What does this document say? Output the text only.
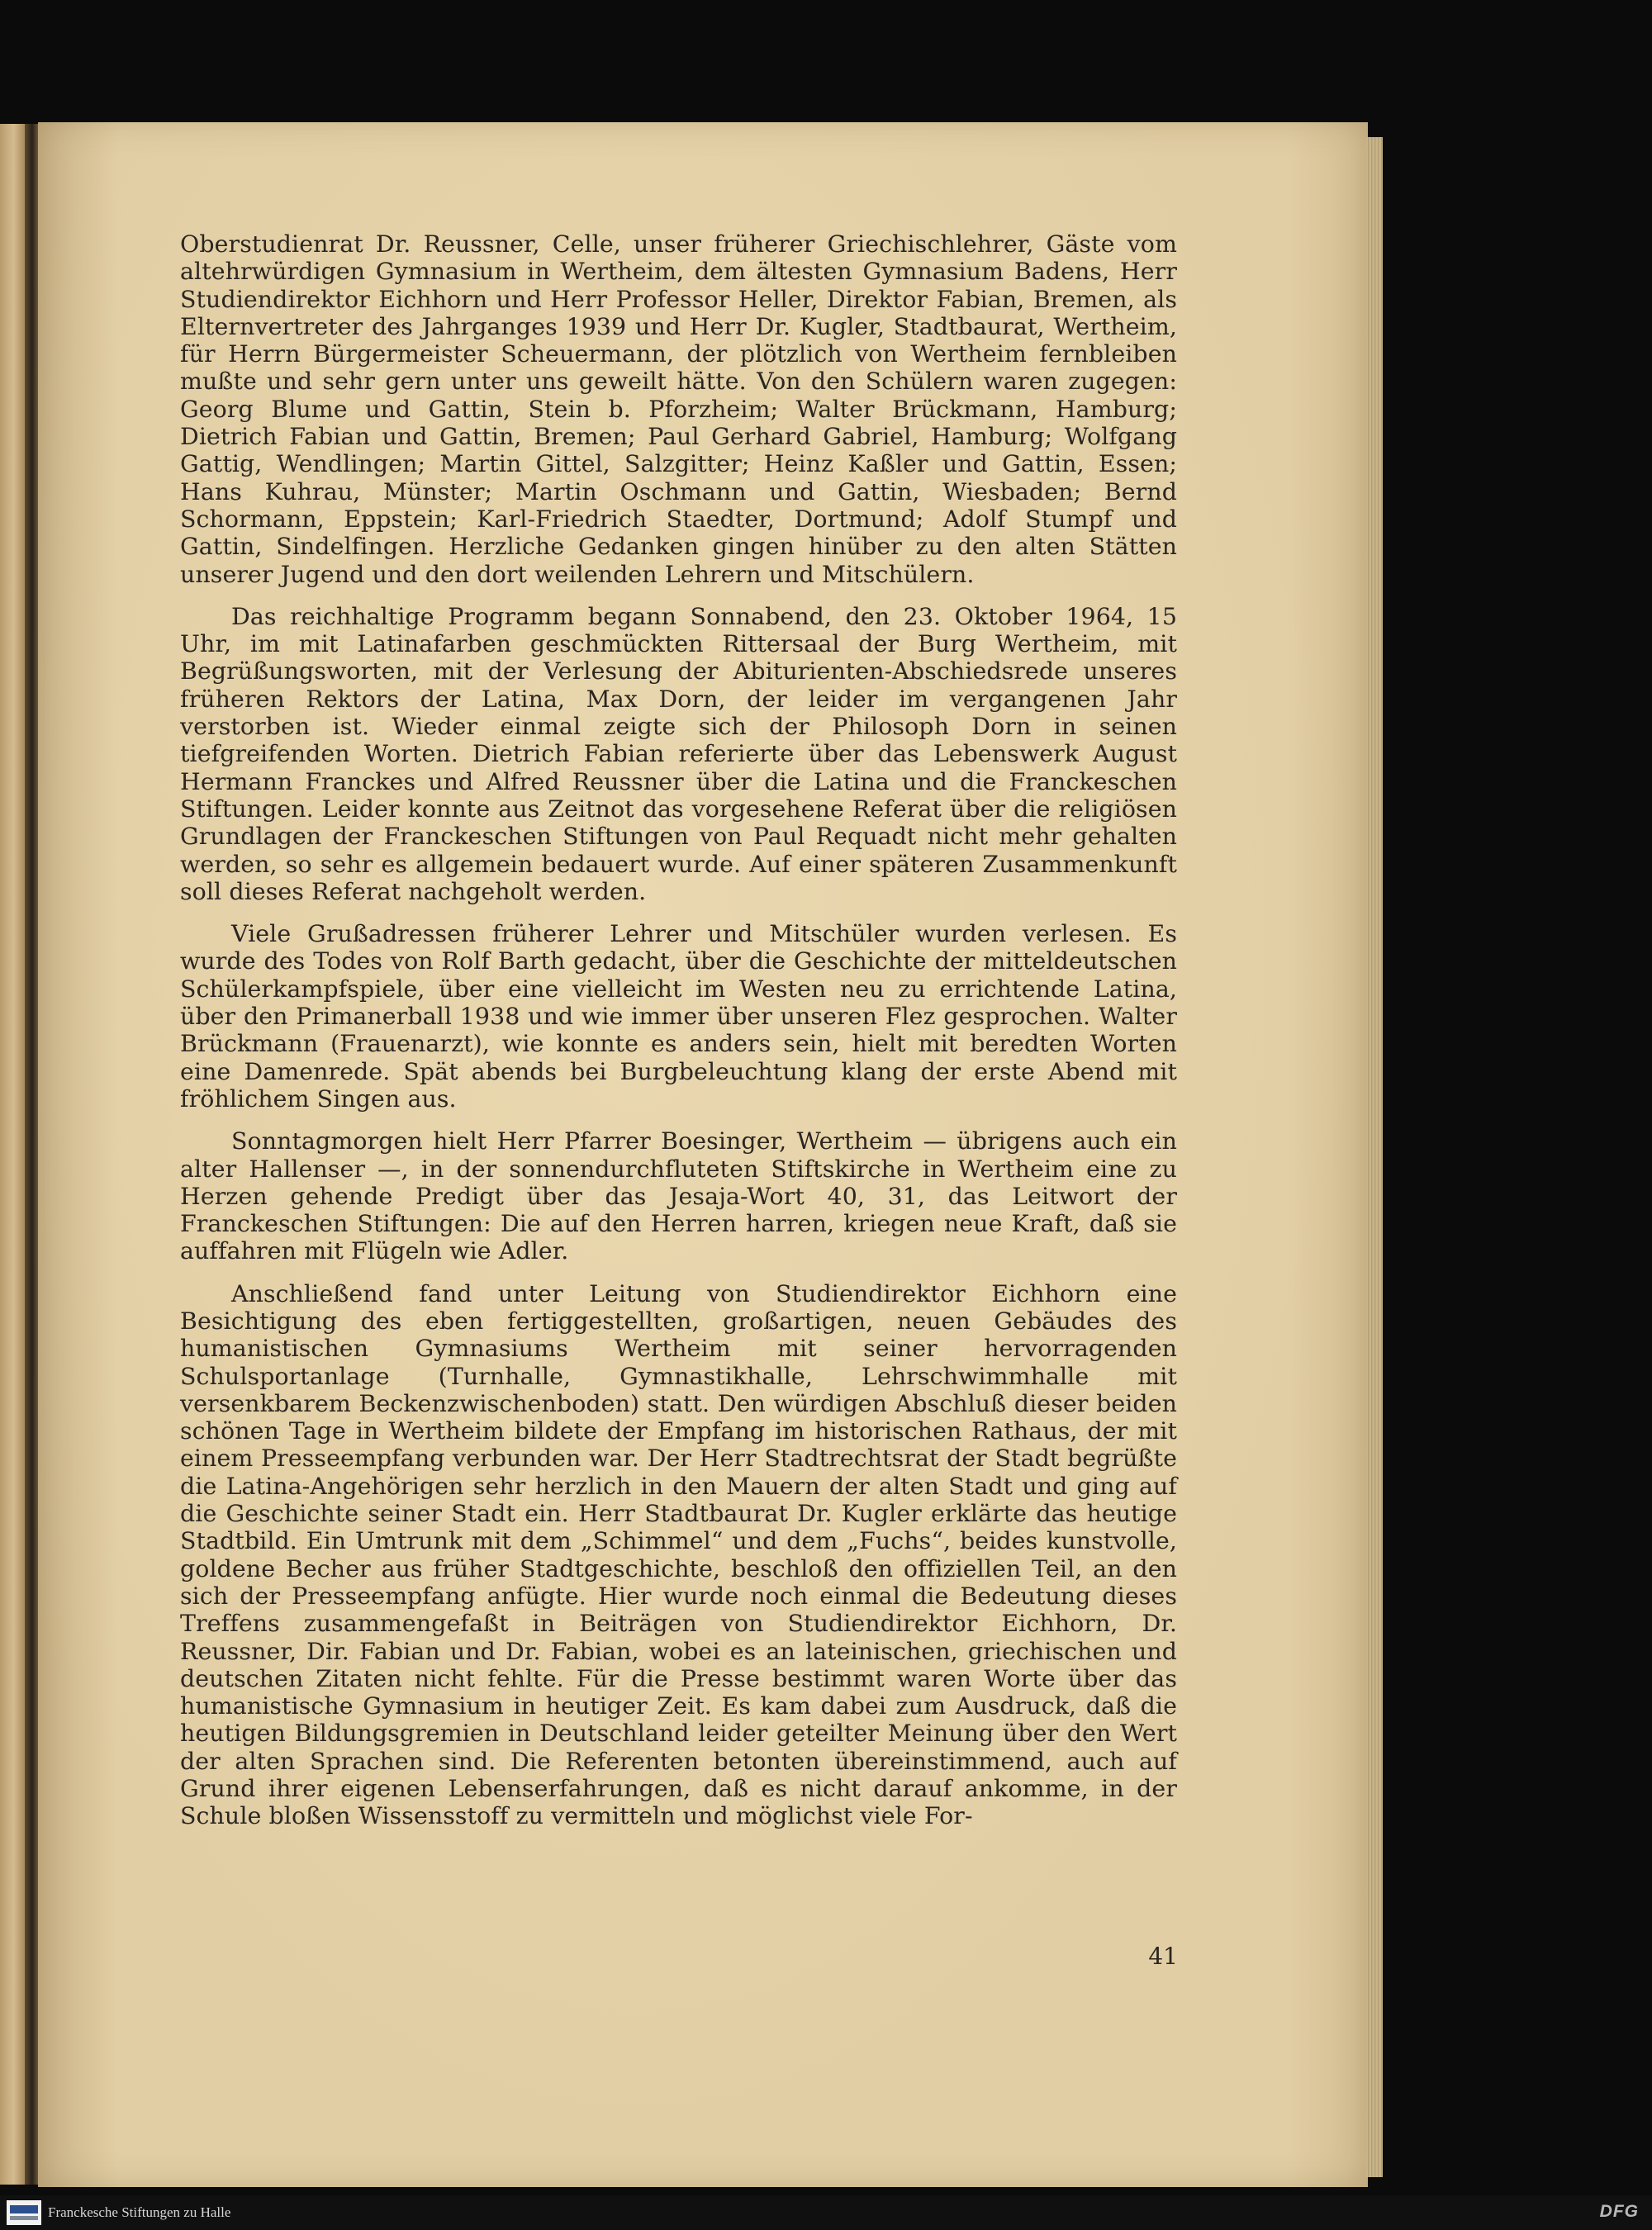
Oberstudienrat Dr. Reussner, Celle, unser früherer Griechischlehrer, Gäste vom altehrwürdigen Gymnasium in Wertheim, dem ältesten Gymnasium Badens, Herr Studiendirektor Eichhorn und Herr Professor Heller, Direktor Fabian, Bremen, als Elternvertreter des Jahrganges 1939 und Herr Dr. Kugler, Stadtbaurat, Wertheim, für Herrn Bürgermeister Scheuermann, der plötzlich von Wertheim fernbleiben mußte und sehr gern unter uns geweilt hätte. Von den Schülern waren zugegen: Georg Blume und Gattin, Stein b. Pforzheim; Walter Brückmann, Hamburg; Dietrich Fabian und Gattin, Bremen; Paul Gerhard Gabriel, Hamburg; Wolfgang Gattig, Wendlingen; Martin Gittel, Salzgitter; Heinz Kaßler und Gattin, Essen; Hans Kuhrau, Münster; Martin Oschmann und Gattin, Wiesbaden; Bernd Schormann, Eppstein; Karl-Friedrich Staedter, Dortmund; Adolf Stumpf und Gattin, Sindelfingen. Herzliche Gedanken gingen hinüber zu den alten Stätten unserer Jugend und den dort weilenden Lehrern und Mitschülern.

Das reichhaltige Programm begann Sonnabend, den 23. Oktober 1964, 15 Uhr, im mit Latinafarben geschmückten Rittersaal der Burg Wertheim, mit Begrüßungsworten, mit der Verlesung der Abiturienten-Abschiedsrede unseres früheren Rektors der Latina, Max Dorn, der leider im vergangenen Jahr verstorben ist. Wieder einmal zeigte sich der Philosoph Dorn in seinen tiefgreifenden Worten. Dietrich Fabian referierte über das Lebenswerk August Hermann Franckes und Alfred Reussner über die Latina und die Franckeschen Stiftungen. Leider konnte aus Zeitnot das vorgesehene Referat über die religiösen Grundlagen der Franckeschen Stiftungen von Paul Requadt nicht mehr gehalten werden, so sehr es allgemein bedauert wurde. Auf einer späteren Zusammenkunft soll dieses Referat nachgeholt werden.

Viele Grußadressen früherer Lehrer und Mitschüler wurden verlesen. Es wurde des Todes von Rolf Barth gedacht, über die Geschichte der mitteldeutschen Schülerkampfspiele, über eine vielleicht im Westen neu zu errichtende Latina, über den Primanerball 1938 und wie immer über unseren Flez gesprochen. Walter Brückmann (Frauenarzt), wie konnte es anders sein, hielt mit beredten Worten eine Damenrede. Spät abends bei Burgbeleuchtung klang der erste Abend mit fröhlichem Singen aus.

Sonntagmorgen hielt Herr Pfarrer Boesinger, Wertheim — übrigens auch ein alter Hallenser —, in der sonnendurchfluteten Stiftskirche in Wertheim eine zu Herzen gehende Predigt über das Jesaja-Wort 40, 31, das Leitwort der Franckeschen Stiftungen: Die auf den Herren harren, kriegen neue Kraft, daß sie auffahren mit Flügeln wie Adler.

Anschließend fand unter Leitung von Studiendirektor Eichhorn eine Besichtigung des eben fertiggestellten, großartigen, neuen Gebäudes des humanistischen Gymnasiums Wertheim mit seiner hervorragenden Schulsportanlage (Turnhalle, Gymnastikhalle, Lehrschwimmhalle mit versenkbarem Beckenzwischenboden) statt. Den würdigen Abschluß dieser beiden schönen Tage in Wertheim bildete der Empfang im historischen Rathaus, der mit einem Presseempfang verbunden war. Der Herr Stadtrechtsrat der Stadt begrüßte die Latina-Angehörigen sehr herzlich in den Mauern der alten Stadt und ging auf die Geschichte seiner Stadt ein. Herr Stadtbaurat Dr. Kugler erklärte das heutige Stadtbild. Ein Umtrunk mit dem „Schimmel“ und dem „Fuchs“, beides kunstvolle, goldene Becher aus früher Stadtgeschichte, beschloß den offiziellen Teil, an den sich der Presseempfang anfügte. Hier wurde noch einmal die Bedeutung dieses Treffens zusammengefaßt in Beiträgen von Studiendirektor Eichhorn, Dr. Reussner, Dir. Fabian und Dr. Fabian, wobei es an lateinischen, griechischen und deutschen Zitaten nicht fehlte. Für die Presse bestimmt waren Worte über das humanistische Gymnasium in heutiger Zeit. Es kam dabei zum Ausdruck, daß die heutigen Bildungsgremien in Deutschland leider geteilter Meinung über den Wert der alten Sprachen sind. Die Referenten betonten übereinstimmend, auch auf Grund ihrer eigenen Lebenserfahrungen, daß es nicht darauf ankomme, in der Schule bloßen Wissensstoff zu vermitteln und möglichst viele For-

41
Franckesche Stiftungen zu Halle	DFG
